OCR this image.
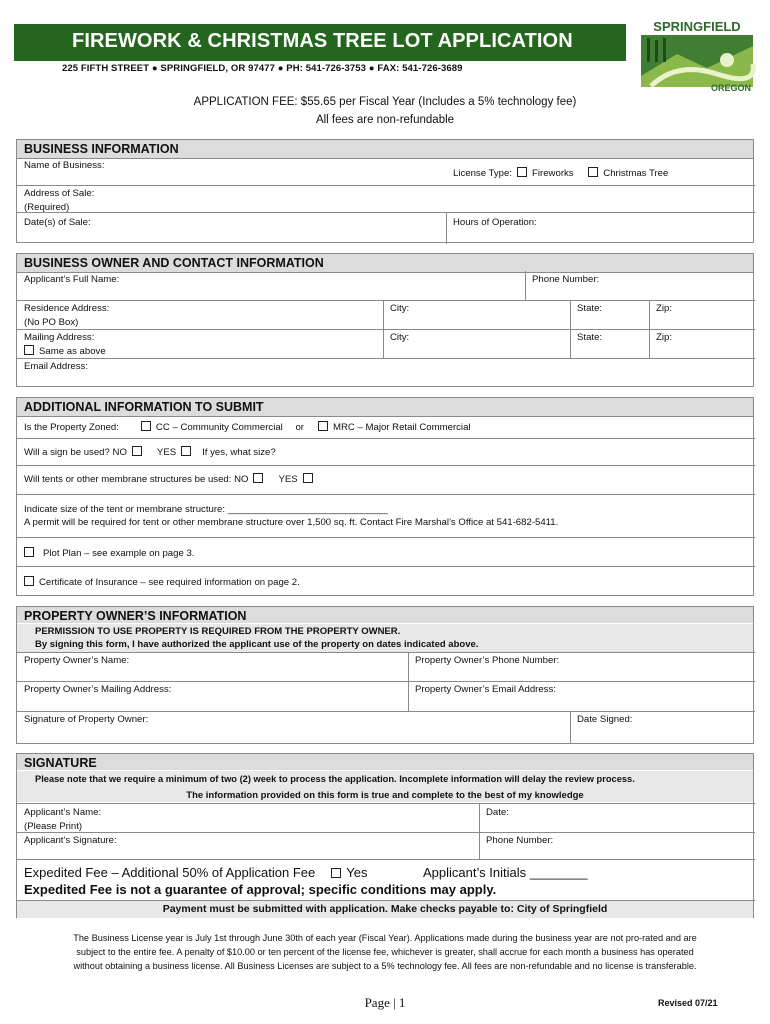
FIREWORK & CHRISTMAS TREE LOT APPLICATION
225 FIFTH STREET ● SPRINGFIELD, OR 97477 ● PH: 541-726-3753 ● FAX: 541-726-3689
SPRINGFIELD
OREGON
APPLICATION FEE: $55.65 per Fiscal Year (Includes a 5% technology fee)
All fees are non-refundable
BUSINESS INFORMATION
Name of Business:
License Type: Fireworks	Christmas Tree
Address of Sale:
(Required)
Date(s) of Sale:	Hours of Operation:
BUSINESS OWNER AND CONTACT INFORMATION
Applicant’s Full Name:	Phone Number:
Residence Address:
(No PO Box)
City:	State:	Zip:
Mailing Address:
Same as above
City:	State:	Zip:
Email Address:
ADDITIONAL INFORMATION TO SUBMIT
Is the Property Zoned:	CC – Community Commercial or	MRC – Major Retail Commercial
Will a sign be used? NO	YES	If yes, what size?
Will tents or other membrane structures be used: NO	YES
Indicate size of the tent or membrane structure: ______________________________
A permit will be required for tent or other membrane structure over 1,500 sq. ft. Contact Fire Marshal’s Office at 541-682-5411.
Plot Plan – see example on page 3.
Certificate of Insurance – see required information on page 2.
PROPERTY OWNER’S INFORMATION
PERMISSION TO USE PROPERTY IS REQUIRED FROM THE PROPERTY OWNER.
By signing this form, I have authorized the applicant use of the property on dates indicated above.
Property Owner’s Name:	Property Owner’s Phone Number:
Property Owner’s Mailing Address:	Property Owner’s Email Address:
Signature of Property Owner:	Date Signed:
SIGNATURE
Please note that we require a minimum of two (2) week to process the application. Incomplete information will delay the review process.
The information provided on this form is true and complete to the best of my knowledge
Applicant’s Name:
(Please Print)
Date:
Applicant’s Signature:	Phone Number:
Expedited Fee – Additional 50% of Application Fee Yes	Applicant’s Initials ________
Expedited Fee is not a guarantee of approval; specific conditions may apply.
Payment must be submitted with application. Make checks payable to: City of Springfield
The Business License year is July 1st through June 30th of each year (Fiscal Year). Applications made during the business year are not pro-rated and are
subject to the entire fee. A penalty of $10.00 or ten percent of the license fee, whichever is greater, shall accrue for each month a business has operated
without obtaining a business license. All Business Licenses are subject to a 5% technology fee. All fees are non-refundable and no license is transferable.
Page | 1	Revised 07/21
